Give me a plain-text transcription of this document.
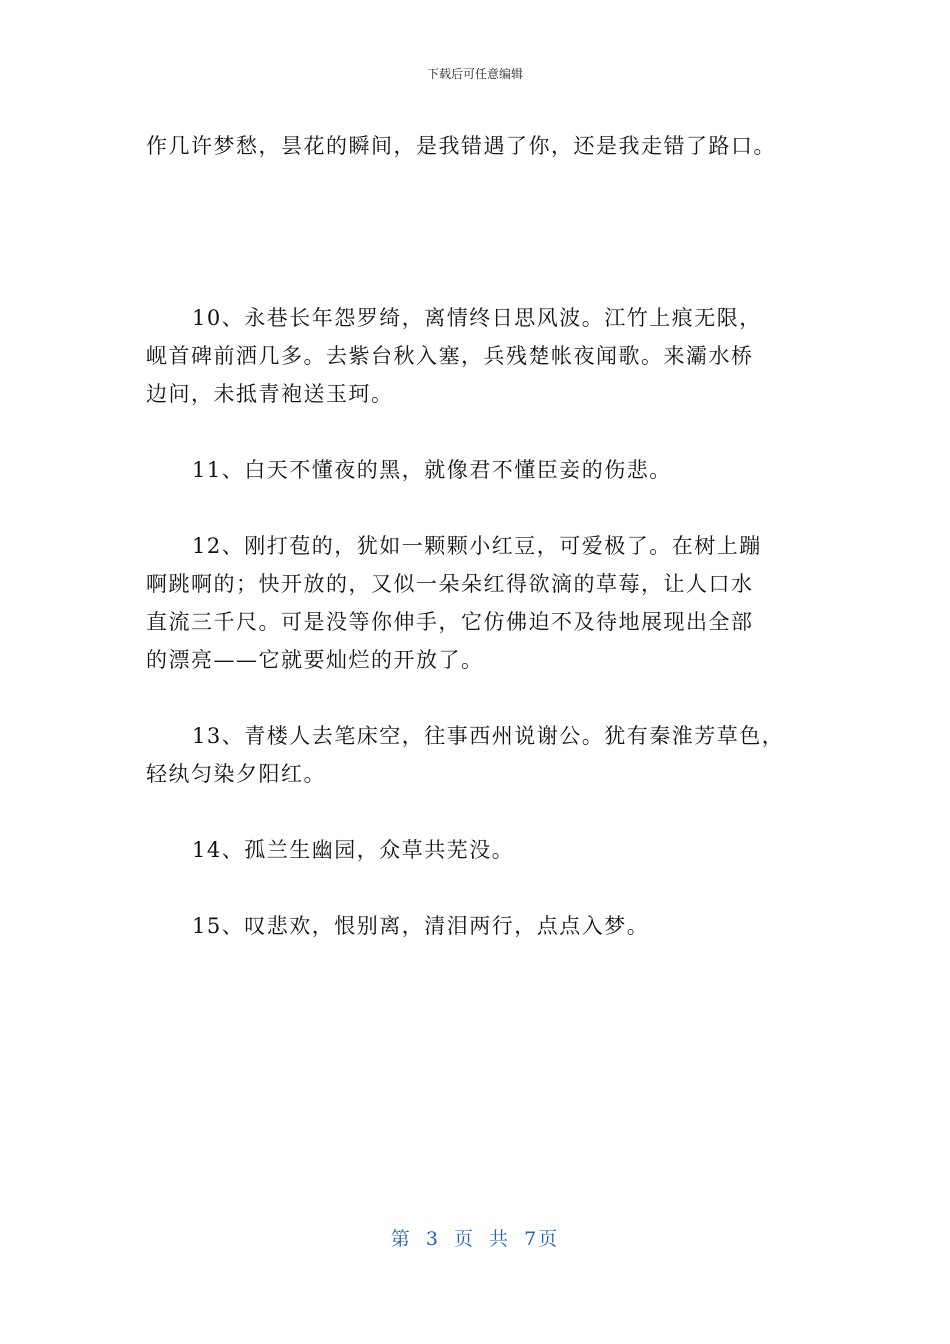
下载后可任意编辑

作几许梦愁，昙花的瞬间，是我错遇了你，还是我走错了路口。

10、永巷长年怨罗绮，离情终日思风波。江竹上痕无限，

岘首碑前洒几多。去紫台秋入塞，兵残楚帐夜闻歌。来灞水桥

边问，未抵青袍送玉珂。

11、白天不懂夜的黑，就像君不懂臣妾的伤悲。

12、刚打苞的，犹如一颗颗小红豆，可爱极了。在树上蹦

啊跳啊的；快开放的，又似一朵朵红得欲滴的草莓，让人口水

直流三千尺。可是没等你伸手，它仿佛迫不及待地展现出全部

的漂亮——它就要灿烂的开放了。

13、青楼人去笔床空，往事西州说谢公。犹有秦淮芳草色，

轻纨匀染夕阳红。

14、孤兰生幽园，众草共芜没。

15、叹悲欢，恨别离，清泪两行，点点入梦。

第 3 页 共 7页
